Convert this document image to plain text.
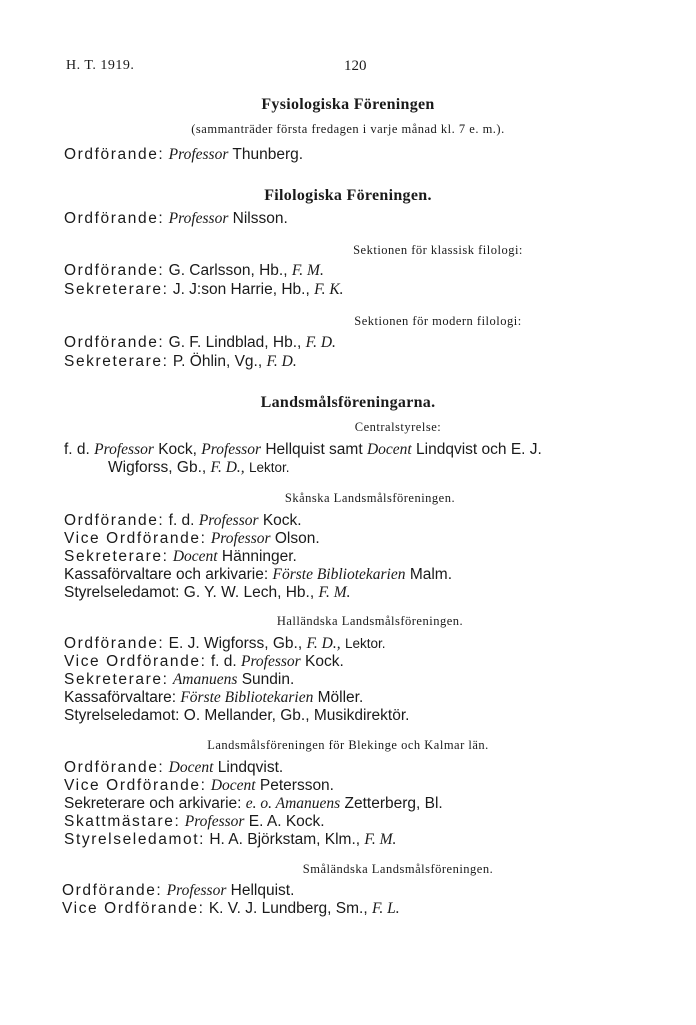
H. T. 1919.	120
Fysiologiska Föreningen
(sammanträder första fredagen i varje månad kl. 7 e. m.).
Ordförande: Professor Thunberg.
Filologiska Föreningen.
Ordförande: Professor Nilsson.
Sektionen för klassisk filologi:
Ordförande: G. Carlsson, Hb., F. M.
Sekreterare: J. J:son Harrie, Hb., F. K.
Sektionen för modern filologi:
Ordförande: G. F. Lindblad, Hb., F. D.
Sekreterare: P. Öhlin, Vg., F. D.
Landsmålsföreningarna.
Centralstyrelse:
f. d. Professor Kock, Professor Hellquist samt Docent Lindqvist och E. J.
Wigforss, Gb., F. D., Lektor.
Skånska Landsmålsföreningen.
Ordförande: f. d. Professor Kock.
Vice Ordförande: Professor Olson.
Sekreterare: Docent Hänninger.
Kassaförvaltare och arkivarie: Förste Bibliotekarien Malm.
Styrelseledamot: G. Y. W. Lech, Hb., F. M.
Halländska Landsmålsföreningen.
Ordförande: E. J. Wigforss, Gb., F. D., Lektor.
Vice Ordförande: f. d. Professor Kock.
Sekreterare: Amanuens Sundin.
Kassaförvaltare: Förste Bibliotekarien Möller.
Styrelseledamot: O. Mellander, Gb., Musikdirektör.
Landsmålsföreningen för Blekinge och Kalmar län.
Ordförande: Docent Lindqvist.
Vice Ordförande: Docent Petersson.
Sekreterare och arkivarie: e. o. Amanuens Zetterberg, Bl.
Skattmästare: Professor E. A. Kock.
Styrelseledamot: H. A. Björkstam, Klm., F. M.
Småländska Landsmålsföreningen.
Ordförande: Professor Hellquist.
Vice Ordförande: K. V. J. Lundberg, Sm., F. L.
